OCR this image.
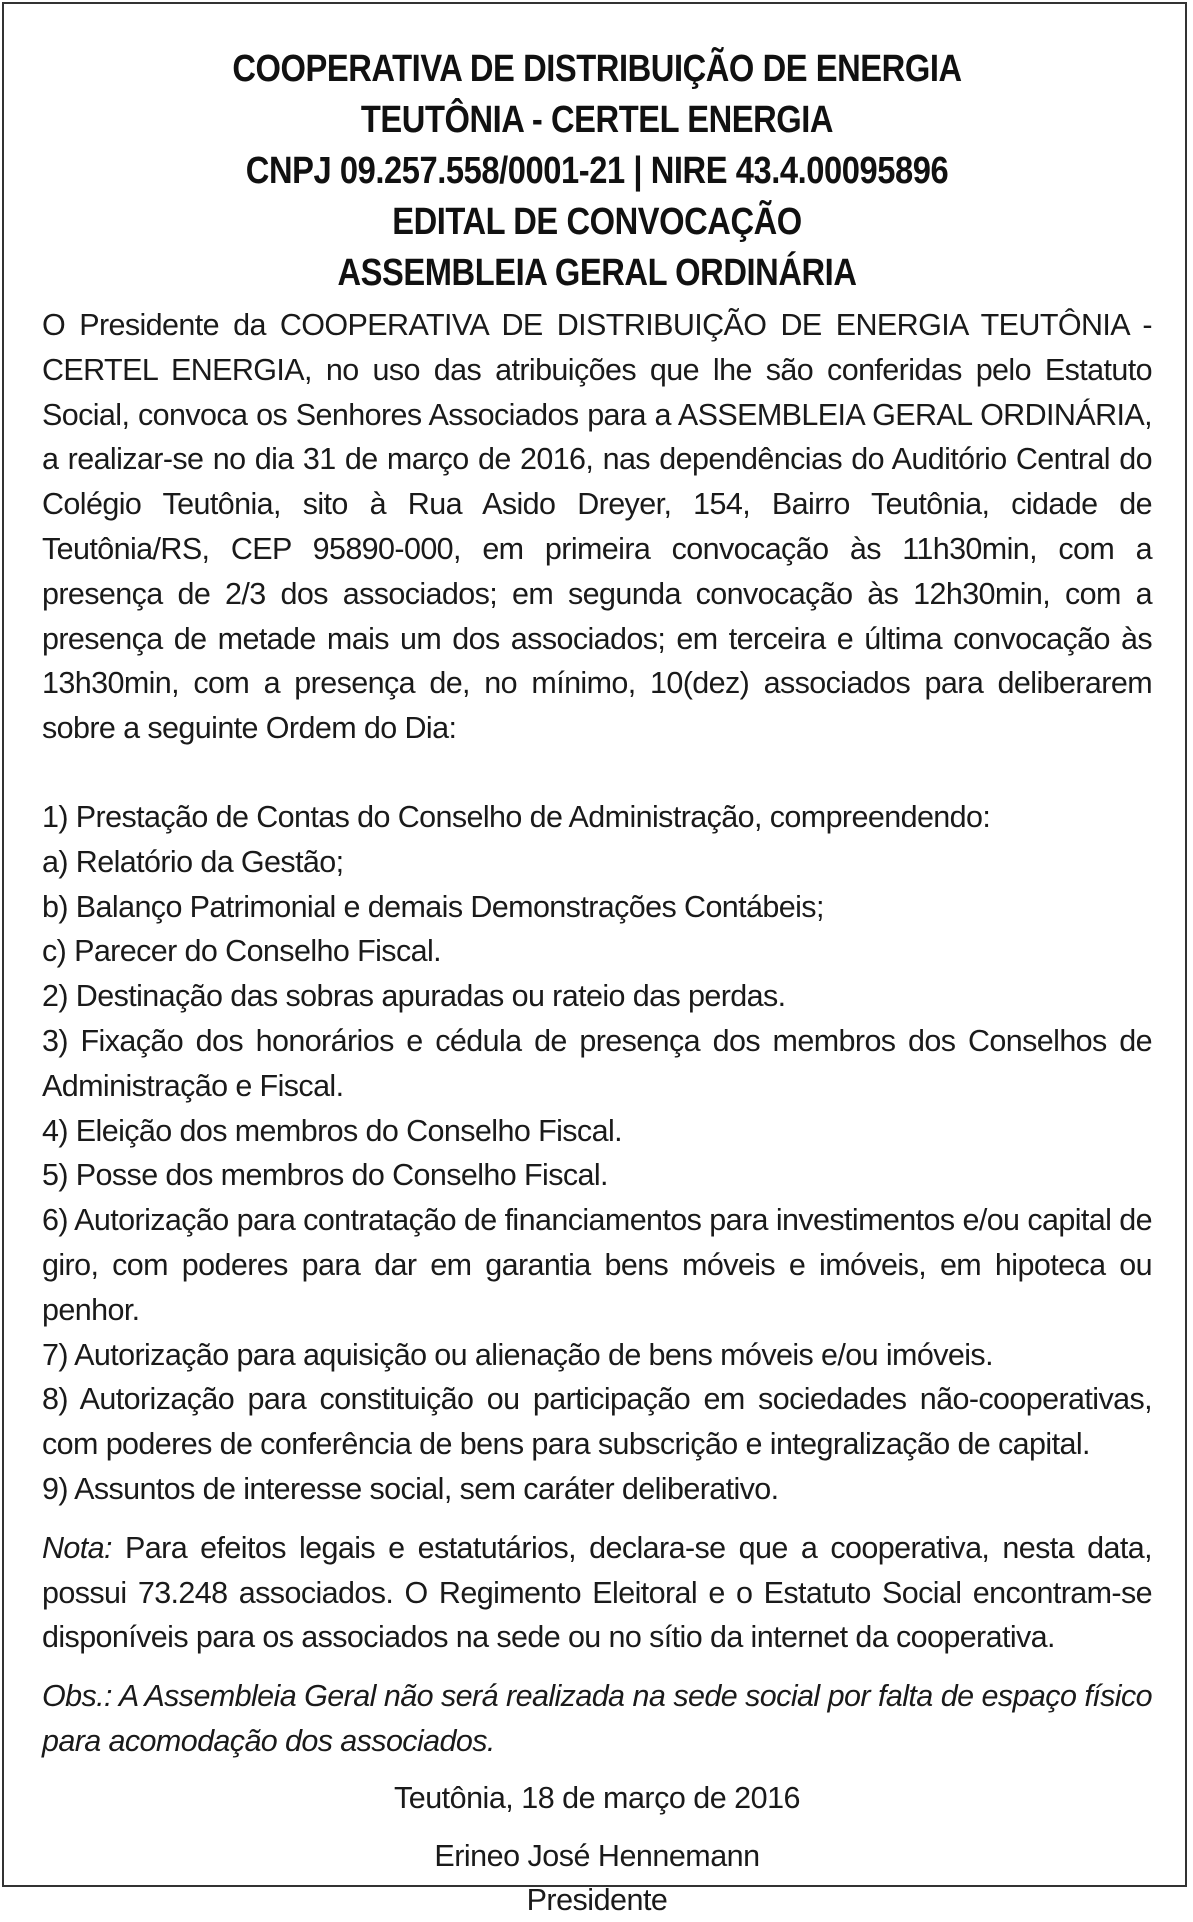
COOPERATIVA DE DISTRIBUIÇÃO DE ENERGIA
TEUTÔNIA - CERTEL ENERGIA
CNPJ 09.257.558/0001-21 | NIRE 43.4.00095896
EDITAL DE CONVOCAÇÃO
ASSEMBLEIA GERAL ORDINÁRIA

O Presidente da COOPERATIVA DE DISTRIBUIÇÃO DE ENERGIA TEUTÔNIA - CERTEL ENERGIA, no uso das atribuições que lhe são conferidas pelo Estatuto Social, convoca os Senhores Associados para a ASSEMBLEIA GERAL ORDINÁRIA, a realizar-se no dia 31 de março de 2016, nas dependências do Auditório Central do Colégio Teutônia, sito à Rua Asido Dreyer, 154, Bairro Teutônia, cidade de Teutônia/RS, CEP 95890-000, em primeira convocação às 11h30min, com a presença de 2/3 dos associados; em segunda convocação às 12h30min, com a presença de metade mais um dos associados; em terceira e última convocação às 13h30min, com a presença de, no mínimo, 10(dez) associados para deliberarem sobre a seguinte Ordem do Dia:

1) Prestação de Contas do Conselho de Administração, compreendendo:

a) Relatório da Gestão;

b) Balanço Patrimonial e demais Demonstrações Contábeis;

c) Parecer do Conselho Fiscal.

2) Destinação das sobras apuradas ou rateio das perdas.

3) Fixação dos honorários e cédula de presença dos membros dos Conselhos de Administração e Fiscal.

4) Eleição dos membros do Conselho Fiscal.

5) Posse dos membros do Conselho Fiscal.

6) Autorização para contratação de financiamentos para investimentos e/ou capital de giro, com poderes para dar em garantia bens móveis e imóveis, em hipoteca ou penhor.

7) Autorização para aquisição ou alienação de bens móveis e/ou imóveis.

8) Autorização para constituição ou participação em sociedades não-cooperativas, com poderes de conferência de bens para subscrição e integralização de capital.

9) Assuntos de interesse social, sem caráter deliberativo.

Nota: Para efeitos legais e estatutários, declara-se que a cooperativa, nesta data, possui 73.248 associados. O Regimento Eleitoral e o Estatuto Social encontram-se disponíveis para os associados na sede ou no sítio da internet da cooperativa.

Obs.: A Assembleia Geral não será realizada na sede social por falta de espaço físico para acomodação dos associados.

Teutônia, 18 de março de 2016
Erineo José Hennemann
Presidente
